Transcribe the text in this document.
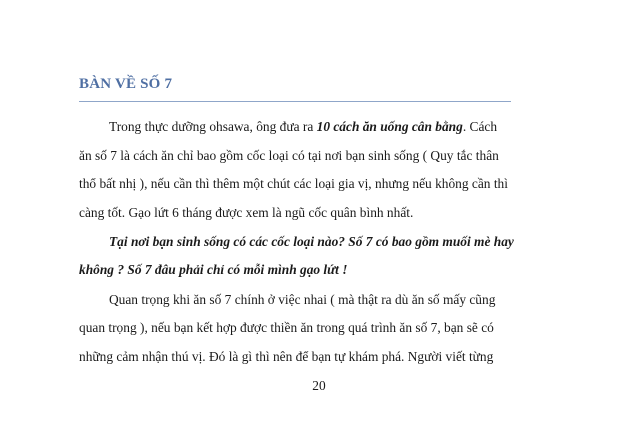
BÀN VỀ SỐ 7
Trong thực dưỡng ohsawa, ông đưa ra 10 cách ăn uống cân bằng. Cách
ăn số 7 là cách ăn chỉ bao gồm cốc loại có tại nơi bạn sinh sống ( Quy tắc thân
thổ bất nhị ), nếu cần thì thêm một chút các loại gia vị, nhưng nếu không cần thì
càng tốt. Gạo lứt 6 tháng được xem là ngũ cốc quân bình nhất.
Tại nơi bạn sinh sống có các cốc loại nào? Số 7 có bao gồm muối mè hay
không ? Số 7 đâu phải chỉ có mỗi mình gạo lứt !
Quan trọng khi ăn số 7 chính ở việc nhai ( mà thật ra dù ăn số mấy cũng
quan trọng ), nếu bạn kết hợp được thiền ăn trong quá trình ăn số 7, bạn sẽ có
những cảm nhận thú vị. Đó là gì thì nên để bạn tự khám phá. Người viết từng
20
